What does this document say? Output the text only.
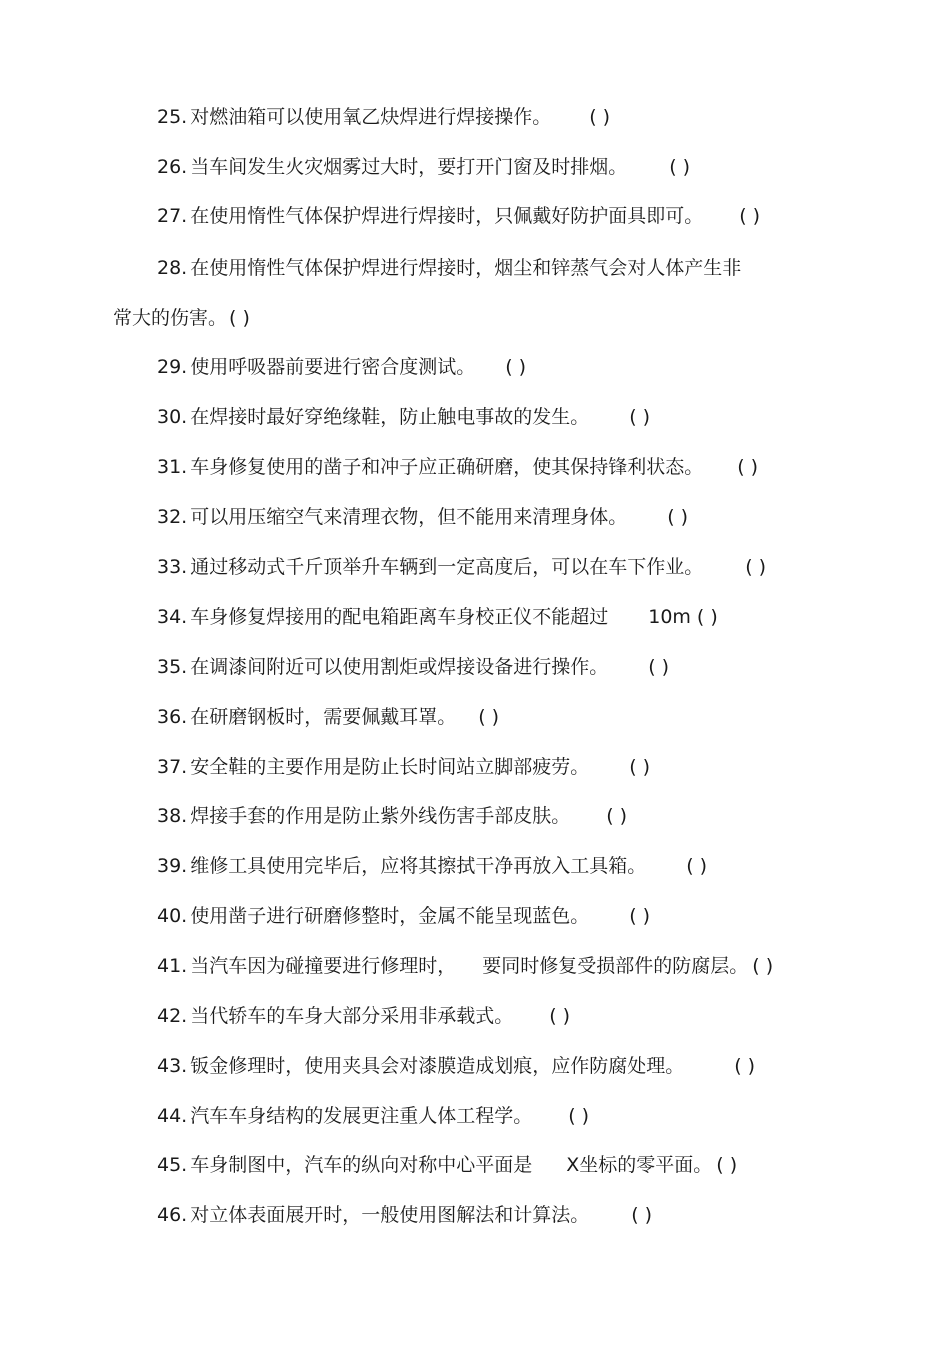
25. 对燃油箱可以使用氧乙炔焊进行焊接操作。 ( )
26. 当车间发生火灾烟雾过大时，要打开门窗及时排烟。 ( )
27. 在使用惰性气体保护焊进行焊接时，只佩戴好防护面具即可。 ( )
28. 在使用惰性气体保护焊进行焊接时，烟尘和锌蒸气会对人体产生非
常大的伤害。 ( )
29. 使用呼吸器前要进行密合度测试。 ( )
30. 在焊接时最好穿绝缘鞋，防止触电事故的发生。 ( )
31. 车身修复使用的凿子和冲子应正确研磨，使其保持锋利状态。 ( )
32. 可以用压缩空气来清理衣物，但不能用来清理身体。 ( )
33. 通过移动式千斤顶举升车辆到一定高度后，可以在车下作业。 ( )
34. 车身修复焊接用的配电箱距离车身校正仪不能超过 10m ( )
35. 在调漆间附近可以使用割炬或焊接设备进行操作。 ( )
36. 在研磨钢板时，需要佩戴耳罩。 ( )
37. 安全鞋的主要作用是防止长时间站立脚部疲劳。 ( )
38. 焊接手套的作用是防止紫外线伤害手部皮肤。 ( )
39. 维修工具使用完毕后，应将其擦拭干净再放入工具箱。 ( )
40. 使用凿子进行研磨修整时，金属不能呈现蓝色。 ( )
41. 当汽车因为碰撞要进行修理时， 要同时修复受损部件的防腐层。 ( )
42. 当代轿车的车身大部分采用非承载式。 ( )
43. 钣金修理时，使用夹具会对漆膜造成划痕，应作防腐处理。	( )
44. 汽车车身结构的发展更注重人体工程学。 ( )
45. 车身制图中，汽车的纵向对称中心平面是 X坐标的零平面。 ( )
46. 对立体表面展开时，一般使用图解法和计算法。 ( )
